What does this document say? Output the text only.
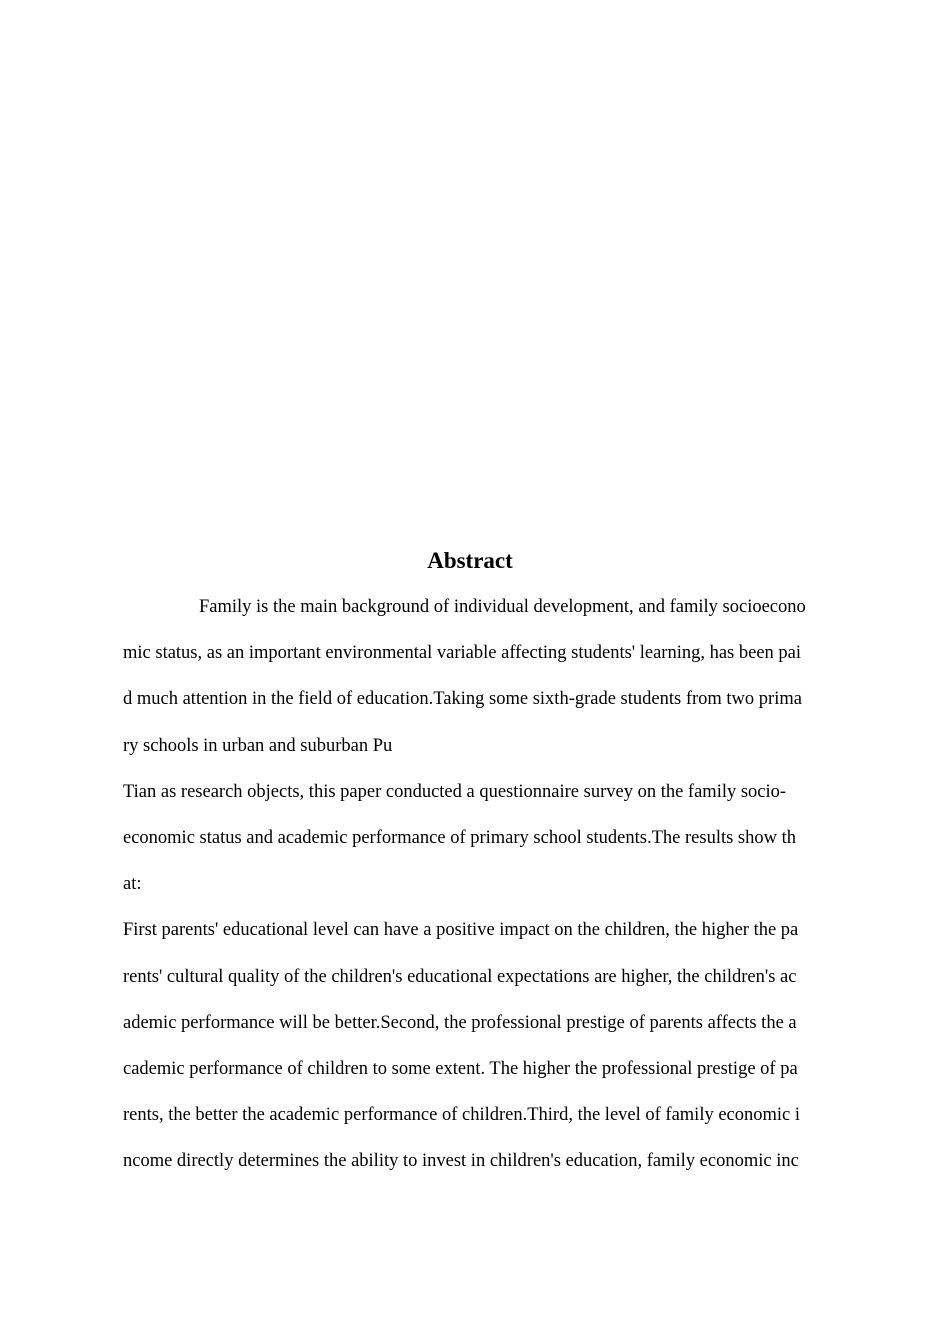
Abstract

Family is the main background of individual development, and family socioecono

mic status, as an important environmental variable affecting students' learning, has been pai

d much attention in the field of education.Taking some sixth-grade students from two prima

ry schools in urban and suburban Pu

Tian as research objects, this paper conducted a questionnaire survey on the family socio-

economic status and academic performance of primary school students.The results show th

at:

First parents' educational level can have a positive impact on the children, the higher the pa

rents' cultural quality of the children's educational expectations are higher, the children's ac

ademic performance will be better.Second, the professional prestige of parents affects the a

cademic performance of children to some extent. The higher the professional prestige of pa

rents, the better the academic performance of children.Third, the level of family economic i

ncome directly determines the ability to invest in children's education, family economic inc
